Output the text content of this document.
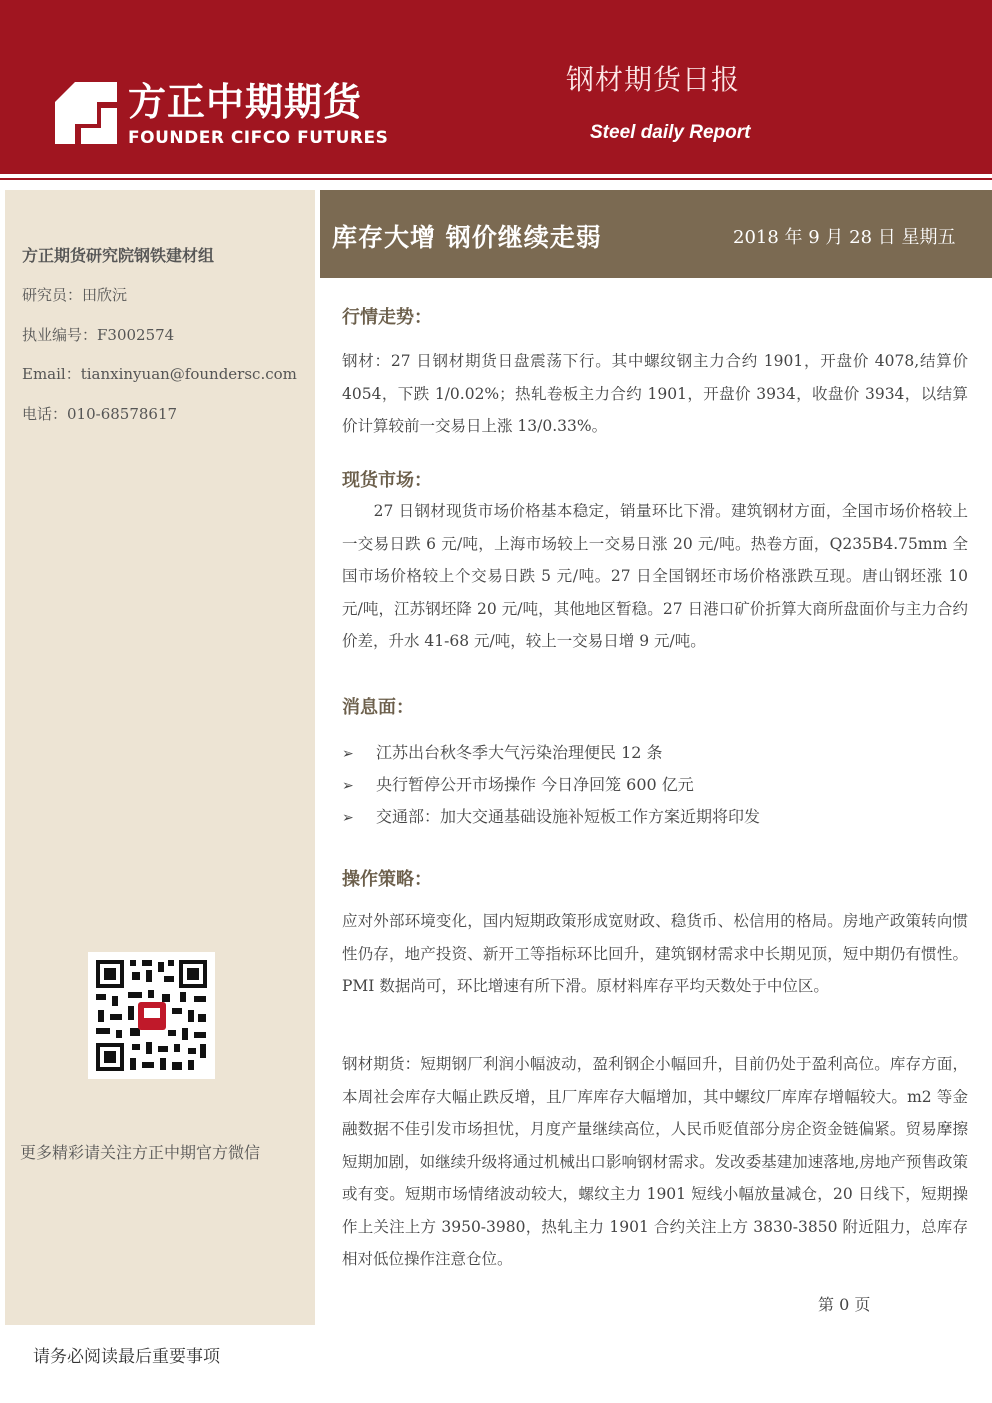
方正中期期货
FOUNDER CIFCO FUTURES
钢材期货日报
Steel daily Report
方正期货研究院钢铁建材组
研究员：田欣沅
执业编号：F3002574
Email：tianxinyuan@foundersc.com
电话：010-68578617
更多精彩请关注方正中期官方微信
库存大增 钢价继续走弱	2018 年 9 月 28 日 星期五
行情走势：

钢材：27 日钢材期货日盘震荡下行。其中螺纹钢主力合约 1901，开盘价 4078,结算价 4054，下跌 1/0.02%；热轧卷板主力合约 1901，开盘价 3934，收盘价 3934，以结算价计算较前一交易日上涨 13/0.33%。

现货市场：

　　27 日钢材现货市场价格基本稳定，销量环比下滑。建筑钢材方面，全国市场价格较上一交易日跌 6 元/吨，上海市场较上一交易日涨 20 元/吨。热卷方面，Q235B4.75mm 全国市场价格较上个交易日跌 5 元/吨。27 日全国钢坯市场价格涨跌互现。唐山钢坯涨 10 元/吨，江苏钢坯降 20 元/吨，其他地区暂稳。27 日港口矿价折算大商所盘面价与主力合约价差，升水 41-68 元/吨，较上一交易日增 9 元/吨。

消息面：
➢ 江苏出台秋冬季大气污染治理便民 12 条
➢ 央行暂停公开市场操作 今日净回笼 600 亿元
➢ 交通部：加大交通基础设施补短板工作方案近期将印发
操作策略：

应对外部环境变化，国内短期政策形成宽财政、稳货币、松信用的格局。房地产政策转向惯性仍存，地产投资、新开工等指标环比回升，建筑钢材需求中长期见顶，短中期仍有惯性。PMI 数据尚可，环比增速有所下滑。原材料库存平均天数处于中位区。

钢材期货：短期钢厂利润小幅波动，盈利钢企小幅回升，目前仍处于盈利高位。库存方面，本周社会库存大幅止跌反增，且厂库库存大幅增加，其中螺纹厂库库存增幅较大。m2 等金融数据不佳引发市场担忧，月度产量继续高位，人民币贬值部分房企资金链偏紧。贸易摩擦短期加剧，如继续升级将通过机械出口影响钢材需求。发改委基建加速落地,房地产预售政策或有变。短期市场情绪波动较大，螺纹主力 1901 短线小幅放量减仓，20 日线下，短期操作上关注上方 3950-3980，热轧主力 1901 合约关注上方 3830-3850 附近阻力，总库存相对低位操作注意仓位。

第 0 页
请务必阅读最后重要事项
